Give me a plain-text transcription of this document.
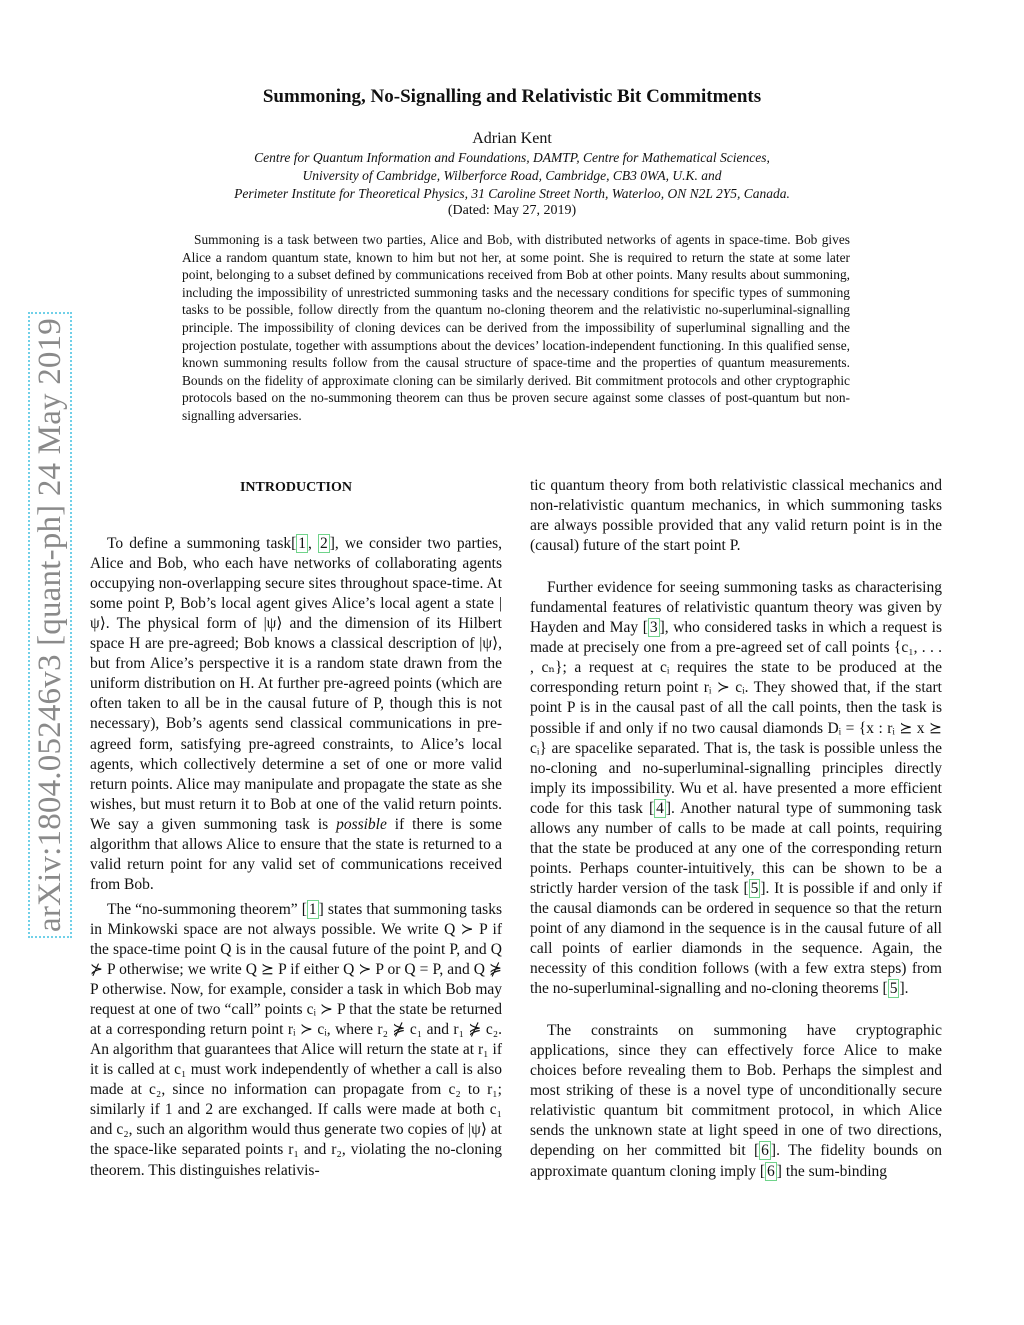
arXiv:1804.05246v3 [quant-ph] 24 May 2019
Summoning, No-Signalling and Relativistic Bit Commitments
Adrian Kent
Centre for Quantum Information and Foundations, DAMTP, Centre for Mathematical Sciences,
University of Cambridge, Wilberforce Road, Cambridge, CB3 0WA, U.K. and
Perimeter Institute for Theoretical Physics, 31 Caroline Street North, Waterloo, ON N2L 2Y5, Canada.
(Dated: May 27, 2019)

Summoning is a task between two parties, Alice and Bob, with distributed networks of agents in space-time. Bob gives Alice a random quantum state, known to him but not her, at some point. She is required to return the state at some later point, belonging to a subset defined by communications received from Bob at other points. Many results about summoning, including the impossibility of unrestricted summoning tasks and the necessary conditions for specific types of summoning tasks to be possible, follow directly from the quantum no-cloning theorem and the relativistic no-superluminal-signalling principle. The impossibility of cloning devices can be derived from the impossibility of superluminal signalling and the projection postulate, together with assumptions about the devices’ location-independent functioning. In this qualified sense, known summoning results follow from the causal structure of space-time and the properties of quantum measurements. Bounds on the fidelity of approximate cloning can be similarly derived. Bit commitment protocols and other cryptographic protocols based on the no-summoning theorem can thus be proven secure against some classes of post-quantum but non-signalling adversaries.

INTRODUCTION

To define a summoning task[ 1 , 2 ], we consider two parties, Alice and Bob, who each have networks of collaborating agents occupying non-overlapping secure sites throughout space-time. At some point P, Bob’s local agent gives Alice’s local agent a state |ψ⟩. The physical form of |ψ⟩ and the dimension of its Hilbert space H are pre-agreed; Bob knows a classical description of |ψ⟩, but from Alice’s perspective it is a random state drawn from the uniform distribution on H. At further pre-agreed points (which are often taken to all be in the causal future of P, though this is not necessary), Bob’s agents send classical communications in pre-agreed form, satisfying pre-agreed constraints, to Alice’s local agents, which collectively determine a set of one or more valid return points. Alice may manipulate and propagate the state as she wishes, but must return it to Bob at one of the valid return points. We say a given summoning task is possible if there is some algorithm that allows Alice to ensure that the state is returned to a valid return point for any valid set of communications received from Bob.

The “no-summoning theorem” [ 1 ] states that summoning tasks in Minkowski space are not always possible. We write Q ≻ P if the space-time point Q is in the causal future of the point P, and Q ⊁ P otherwise; we write Q ⪰ P if either Q ≻ P or Q = P, and Q ⋡ P otherwise. Now, for example, consider a task in which Bob may request at one of two “call” points cᵢ ≻ P that the state be returned at a corresponding return point rᵢ ≻ cᵢ, where r₂ ⋡ c₁ and r₁ ⋡ c₂. An algorithm that guarantees that Alice will return the state at r₁ if it is called at c₁ must work independently of whether a call is also made at c₂, since no information can propagate from c₂ to r₁; similarly if 1 and 2 are exchanged. If calls were made at both c₁ and c₂, such an algorithm would thus generate two copies of |ψ⟩ at the space-like separated points r₁ and r₂, violating the no-cloning theorem. This distinguishes relativis-

tic quantum theory from both relativistic classical mechanics and non-relativistic quantum mechanics, in which summoning tasks are always possible provided that any valid return point is in the (causal) future of the start point P.

Further evidence for seeing summoning tasks as characterising fundamental features of relativistic quantum theory was given by Hayden and May [ 3 ], who considered tasks in which a request is made at precisely one from a pre-agreed set of call points {c₁, . . . , cₙ}; a request at cᵢ requires the state to be produced at the corresponding return point rᵢ ≻ cᵢ. They showed that, if the start point P is in the causal past of all the call points, then the task is possible if and only if no two causal diamonds Dᵢ = {x : rᵢ ⪰ x ⪰ cᵢ} are spacelike separated. That is, the task is possible unless the no-cloning and no-superluminal-signalling principles directly imply its impossibility. Wu et al. have presented a more efficient code for this task [ 4 ]. Another natural type of summoning task allows any number of calls to be made at call points, requiring that the state be produced at any one of the corresponding return points. Perhaps counter-intuitively, this can be shown to be a strictly harder version of the task [ 5 ]. It is possible if and only if the causal diamonds can be ordered in sequence so that the return point of any diamond in the sequence is in the causal future of all call points of earlier diamonds in the sequence. Again, the necessity of this condition follows (with a few extra steps) from the no-superluminal-signalling and no-cloning theorems [ 5 ].

The constraints on summoning have cryptographic applications, since they can effectively force Alice to make choices before revealing them to Bob. Perhaps the simplest and most striking of these is a novel type of unconditionally secure relativistic quantum bit commitment protocol, in which Alice sends the unknown state at light speed in one of two directions, depending on her committed bit [ 6 ]. The fidelity bounds on approximate quantum cloning imply [ 6 ] the sum-binding
